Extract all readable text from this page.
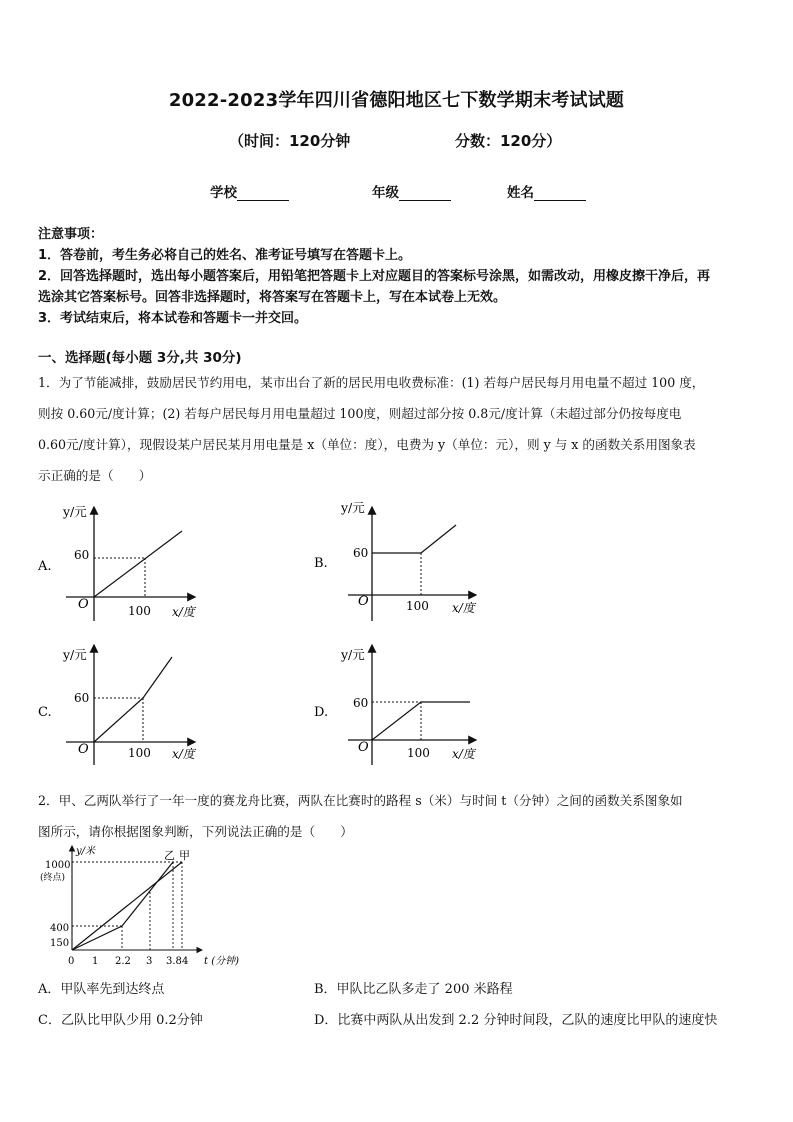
2022-2023学年四川省德阳地区七下数学期末考试试题
（时间：120分钟	分数：120分）
学校	年级	姓名
注意事项：
1．答卷前，考生务必将自己的姓名、准考证号填写在答题卡上。
2．回答选择题时，选出每小题答案后，用铅笔把答题卡上对应题目的答案标号涂黑，如需改动，用橡皮擦干净后，再
选涂其它答案标号。回答非选择题时，将答案写在答题卡上，写在本试卷上无效。
3．考试结束后，将本试卷和答题卡一并交回。
一、选择题(每小题 3分,共 30分)
1．为了节能减排，鼓励居民节约用电，某市出台了新的居民用电收费标准：(1) 若每户居民每月用电量不超过 100 度，
则按 0.60元/度计算；(2) 若每户居民每月用电量超过 100度，则超过部分按 0.8元/度计算（未超过部分仍按每度电
0.60元/度计算），现假设某户居民某月用电量是 x（单位：度），电费为 y（单位：元），则 y 与 x 的函数关系用图象表
示正确的是（　　）
A.
y/元
60
O	100 x/度
B.
y/元
60
O	100 x/度
C.
y/元
60
O	100 x/度
D.
y/元
60
O	100 x/度
2．甲、乙两队举行了一年一度的赛龙舟比赛，两队在比赛时的路程 s（米）与时间 t（分钟）之间的函数关系图象如
图所示，请你根据图象判断，下列说法正确的是（　　）
y/米
t (分钟)
1000
(终点)
400
150
0 1 2.2 3 3.8 4
乙 甲
A．甲队率先到达终点	B．甲队比乙队多走了 200 米路程
C．乙队比甲队少用 0.2分钟	D．比赛中两队从出发到 2.2 分钟时间段，乙队的速度比甲队的速度快
